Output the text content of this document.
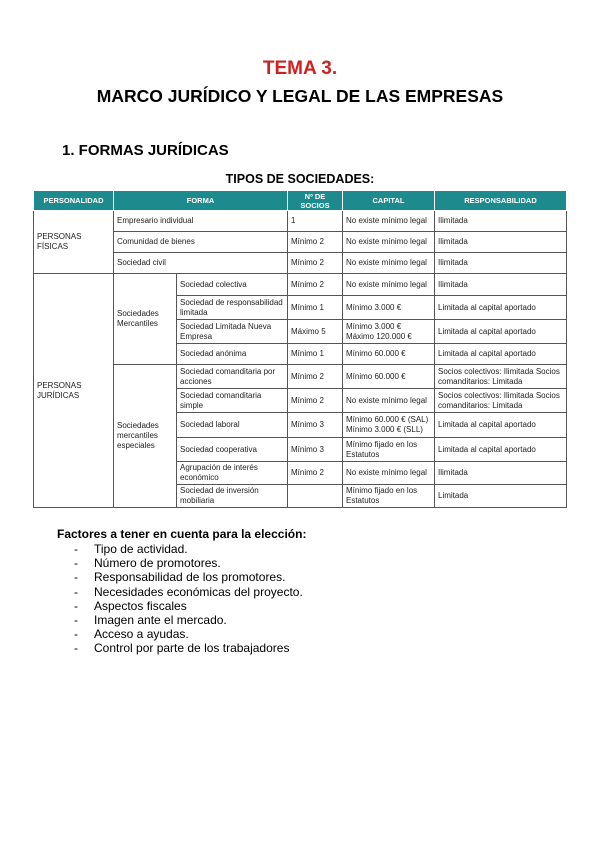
TEMA 3.
MARCO JURÍDICO Y LEGAL DE LAS EMPRESAS
1. FORMAS JURÍDICAS
TIPOS DE SOCIEDADES:
PERSONALIDAD	FORMA		Nº DE SOCIOS	CAPITAL	RESPONSABILIDAD
PERSONAS FÍSICAS	Empresario individual		1	No existe mínimo legal	Ilimitada
	Comunidad de bienes		Mínimo 2	No existe mínimo legal	Ilimitada
	Sociedad civil		Mínimo 2	No existe mínimo legal	Ilimitada
PERSONAS JURÍDICAS	Sociedades Mercantiles	Sociedad colectiva	Mínimo 2	No existe mínimo legal	Ilimitada
		Sociedad de responsabilidad limitada	Mínimo 1	Mínimo 3.000 €	Limitada al capital aportado
		Sociedad Limitada Nueva Empresa	Máximo 5	Mínimo 3.000 € Máximo 120.000 €	Limitada al capital aportado
		Sociedad anónima	Mínimo 1	Mínimo 60.000 €	Limitada al capital aportado
	Sociedades mercantiles especiales	Sociedad comanditaria por acciones	Mínimo 2	Mínimo 60.000 €	Socios colectivos: Ilimitada Socios comanditarios: Limitada
		Sociedad comanditaria simple	Mínimo 2	No existe mínimo legal	Socios colectivos: Ilimitada Socios comanditarios: Limitada
		Sociedad laboral	Mínimo 3	Mínimo 60.000 € (SAL) Mínimo 3.000 € (SLL)	Limitada al capital aportado
		Sociedad cooperativa	Mínimo 3	Mínimo fijado en los Estatutos	Limitada al capital aportado
		Agrupación de interés económico	Mínimo 2	No existe mínimo legal	Ilimitada
		Sociedad de inversión mobiliaria		Mínimo fijado en los Estatutos	Limitada
Factores a tener en cuenta para la elección:
- Tipo de actividad.
- Número de promotores.
- Responsabilidad de los promotores.
- Necesidades económicas del proyecto.
- Aspectos fiscales
- Imagen ante el mercado.
- Acceso a ayudas.
- Control por parte de los trabajadores
